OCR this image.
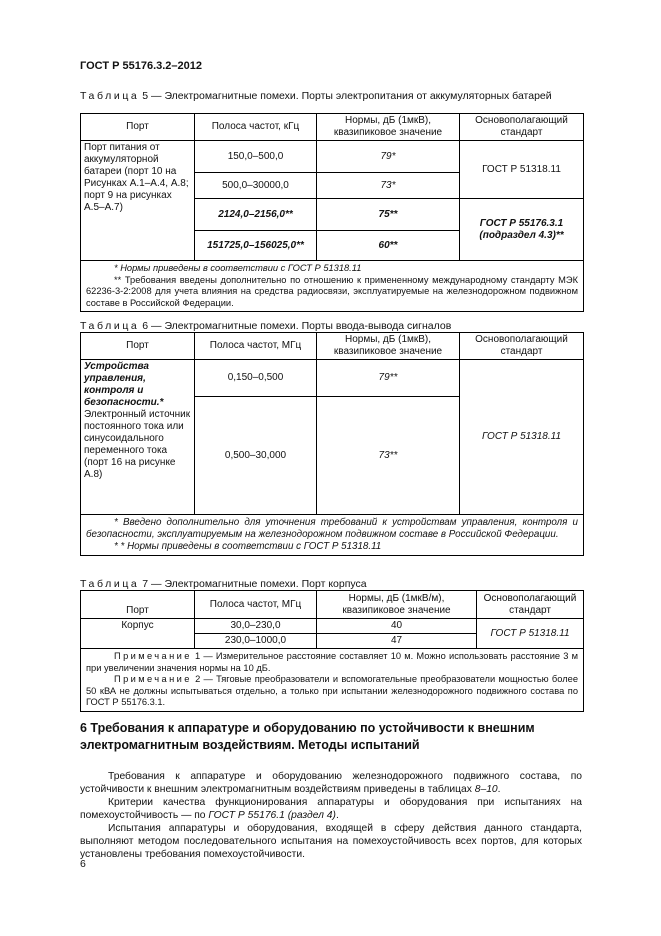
ГОСТ Р 55176.3.2–2012
Таблица 5 — Электромагнитные помехи. Порты электропитания от аккумуляторных батарей
Порт	Полоса частот, кГц	Нормы, дБ (1мкВ), квазипиковое значение	Основополагающий стандарт
Порт питания от аккумуляторной батареи (порт 10 на Рисунках А.1–А.4, А.8; порт 9 на рисунках А.5–А.7)	150,0–500,0	79*	ГОСТ Р 51318.11
	500,0–30000,0	73*	
	2124,0–2156,0**	75**	ГОСТ Р 55176.3.1 (подраздел 4.3)**
	151725,0–156025,0**	60**	

* Нормы приведены в соответствии с ГОСТ Р 51318.11
** Требования введены дополнительно по отношению к примененному международному стандарту МЭК 62236-3-2:2008 для учета влияния на средства радиосвязи, эксплуатируемые на железнодорожном подвижном составе в Российской Федерации.			
Таблица 6 — Электромагнитные помехи. Порты ввода-вывода сигналов
Порт	Полоса частот, МГц	Нормы, дБ (1мкВ), квазипиковое значение	Основополагающий стандарт
Устройства управления, контроля и безопасности.*
Электронный источник постоянного тока или синусоидального переменного тока (порт 16 на рисунке А.8)	0,150–0,500	79**	ГОСТ Р 51318.11
	0,500–30,000	73**	

* Введено дополнительно для уточнения требований к устройствам управления, контроля и безопасности, эксплуатируемым на железнодорожном подвижном составе в Российской Федерации.
* * Нормы приведены в соответствии с ГОСТ Р 51318.11			
Таблица 7 — Электромагнитные помехи. Порт корпуса
Порт	Полоса частот, МГц	Нормы, дБ (1мкВ/м), квазипиковое значение	Основополагающий стандарт
Корпус	30,0–230,0	40	ГОСТ Р 51318.11
	230,0–1000,0	47	

Примечание 1 — Измерительное расстояние составляет 10 м. Можно использовать расстояние 3 м при увеличении значения нормы на 10 дБ.
Примечание 2 — Тяговые преобразователи и вспомогательные преобразователи мощностью более 50 кВА не должны испытываться отдельно, а только при испытании железнодорожного подвижного состава по ГОСТ Р 55176.3.1.			
6 Требования к аппаратуре и оборудованию по устойчивости к внешним электромагнитным воздействиям. Методы испытаний

Требования к аппаратуре и оборудованию железнодорожного подвижного состава, по устойчивости к внешним электромагнитным воздействиям приведены в таблицах 8–10.

Критерии качества функционирования аппаратуры и оборудования при испытаниях на помехоустойчивость — по ГОСТ Р 55176.1 (раздел 4).

Испытания аппаратуры и оборудования, входящей в сферу действия данного стандарта, выполняют методом последовательного испытания на помехоустойчивость всех портов, для которых установлены требования помехоустойчивости.

6
